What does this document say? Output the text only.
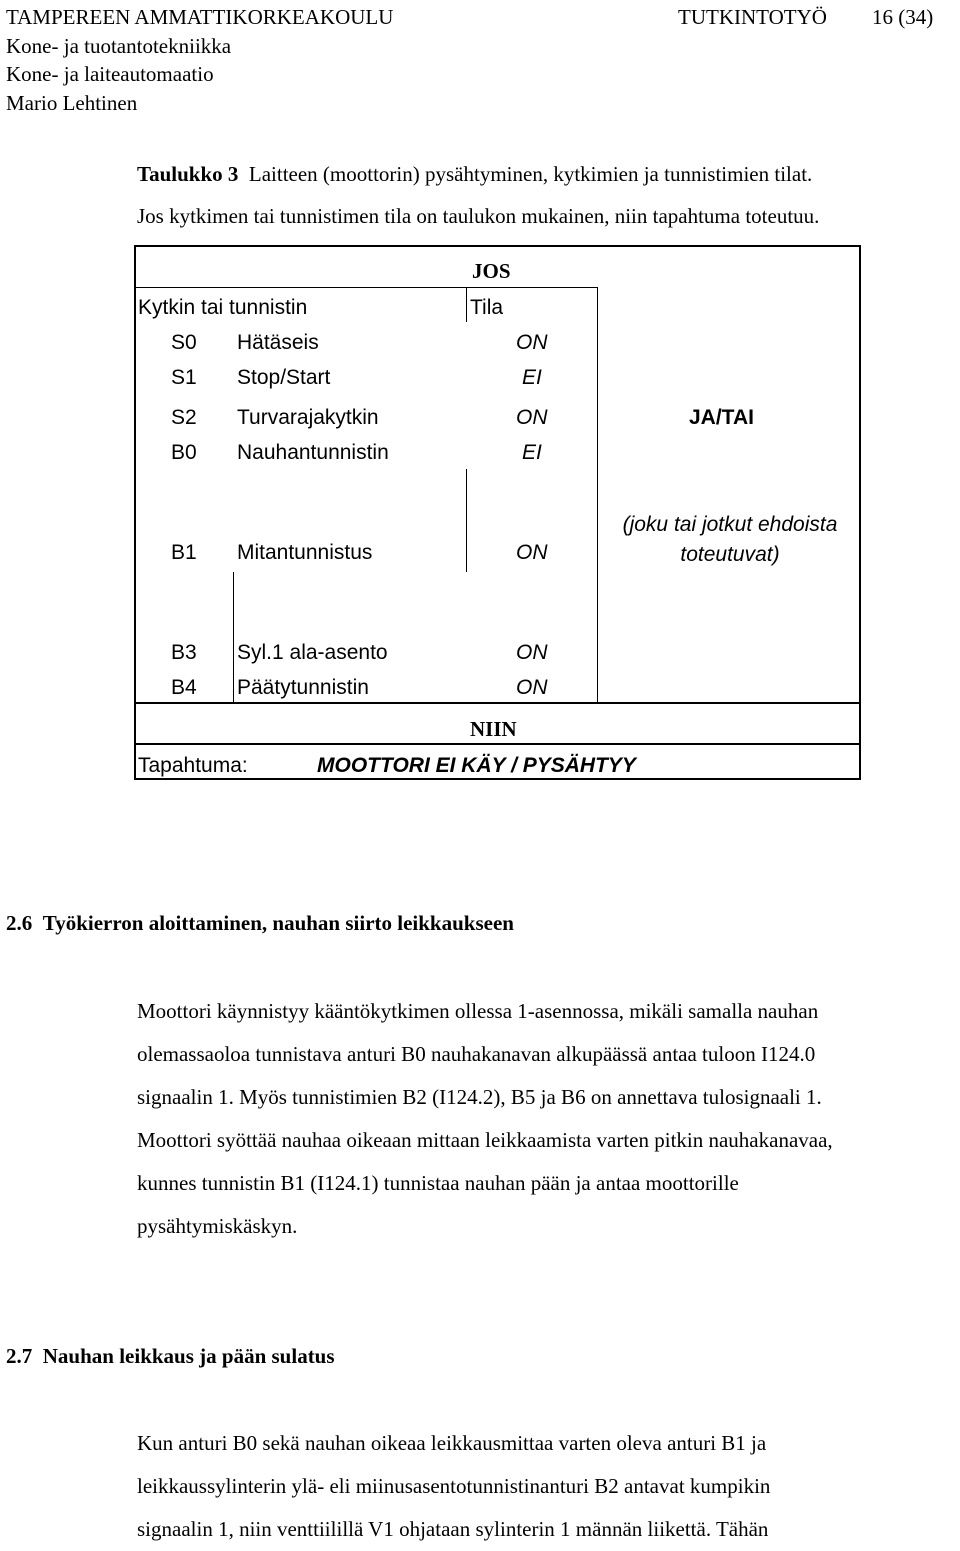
TAMPEREEN AMMATTIKORKEAKOULU	TUTKINTOTYÖ 16 (34)
Kone- ja tuotantotekniikka
Kone- ja laiteautomaatio
Mario Lehtinen
Taulukko 3 Laitteen (moottorin) pysähtyminen, kytkimien ja tunnistimien tilat.
Jos kytkimen tai tunnistimen tila on taulukon mukainen, niin tapahtuma toteutuu.
JOS
Kytkin tai tunnistin	Tila
S0 Hätäseis	ON
S1 Stop/Start	EI
S2 Turvarajakytkin	ON
B0 Nauhantunnistin	EI
B1 Mitantunnistus	ON
B3 Syl.1 ala-asento	ON
B4 Päätytunnistin	ON
JA/TAI
(joku tai jotkut ehdoista
toteutuvat)
NIIN
Tapahtuma:	MOOTTORI EI KÄY / PYSÄHTYY
2.6 Työkierron aloittaminen, nauhan siirto leikkaukseen
Moottori käynnistyy kääntökytkimen ollessa 1-asennossa, mikäli samalla nauhan
olemassaoloa tunnistava anturi B0 nauhakanavan alkupäässä antaa tuloon I124.0
signaalin 1. Myös tunnistimien B2 (I124.2), B5 ja B6 on annettava tulosignaali 1.
Moottori syöttää nauhaa oikeaan mittaan leikkaamista varten pitkin nauhakanavaa,
kunnes tunnistin B1 (I124.1) tunnistaa nauhan pään ja antaa moottorille
pysähtymiskäskyn.
2.7 Nauhan leikkaus ja pään sulatus
Kun anturi B0 sekä nauhan oikeaa leikkausmittaa varten oleva anturi B1 ja
leikkaussylinterin ylä- eli miinusasentotunnistinanturi B2 antavat kumpikin
signaalin 1, niin venttiilillä V1 ohjataan sylinterin 1 männän liikettä. Tähän
